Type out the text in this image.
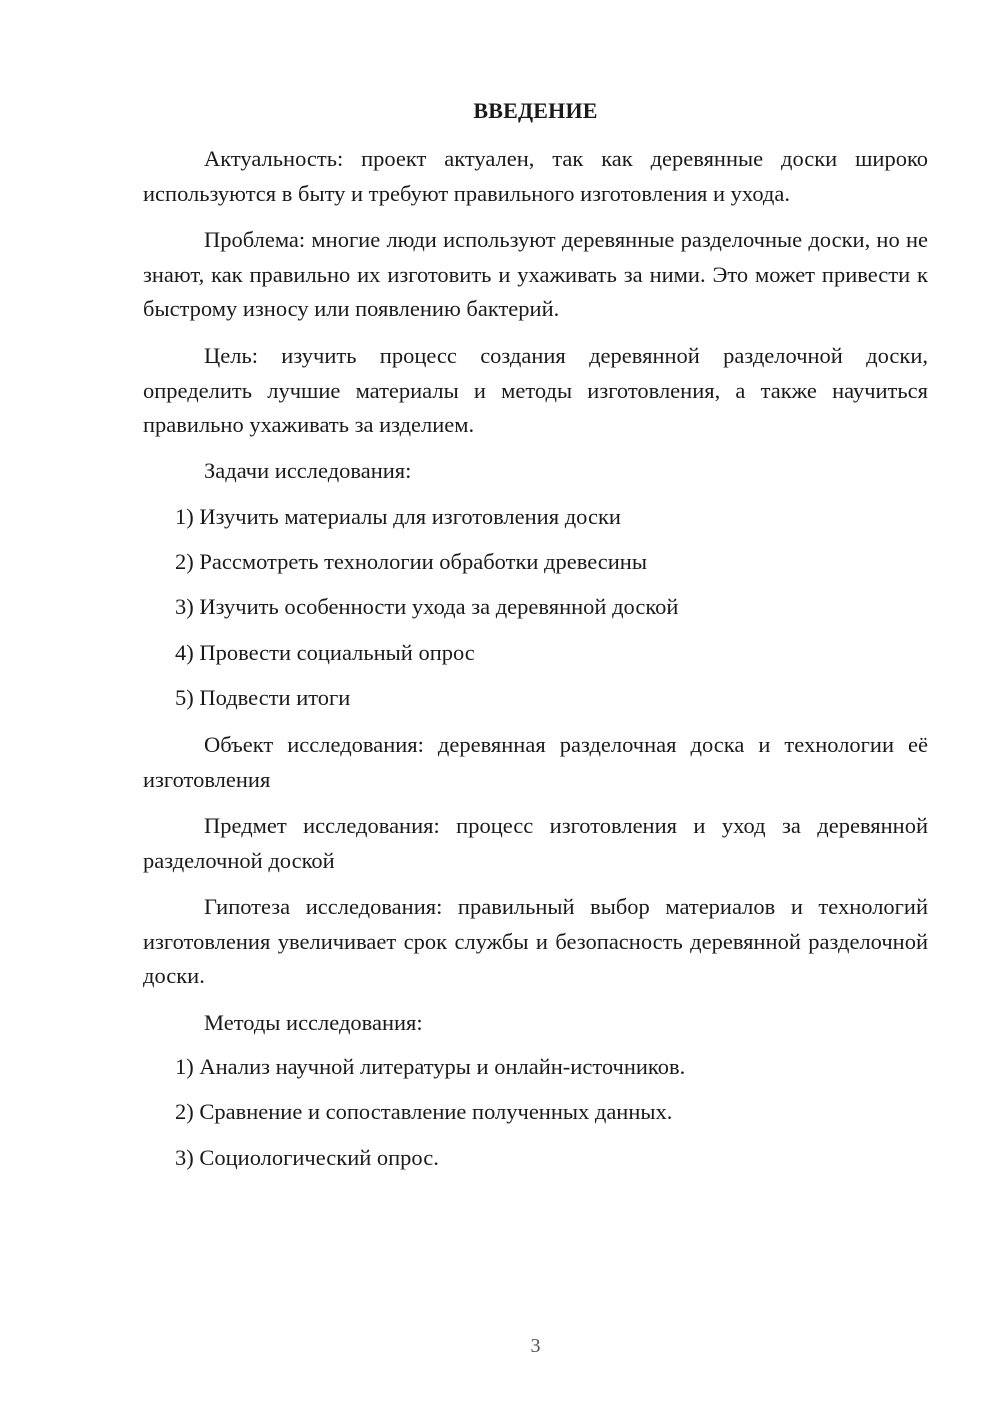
ВВЕДЕНИЕ
Актуальность: проект актуален, так как деревянные доски широко используются в быту и требуют правильного изготовления и ухода.
Проблема: многие люди используют деревянные разделочные доски, но не знают, как правильно их изготовить и ухаживать за ними. Это может привести к быстрому износу или появлению бактерий.
Цель: изучить процесс создания деревянной разделочной доски, определить лучшие материалы и методы изготовления, а также научиться правильно ухаживать за изделием.
Задачи исследования:
1) Изучить материалы для изготовления доски
2) Рассмотреть технологии обработки древесины
3) Изучить особенности ухода за деревянной доской
4) Провести социальный опрос
5) Подвести итоги
Объект исследования: деревянная разделочная доска и технологии её изготовления
Предмет исследования: процесс изготовления и уход за деревянной разделочной доской
Гипотеза исследования: правильный выбор материалов и технологий изготовления увеличивает срок службы и безопасность деревянной разделочной доски.
Методы исследования:
1) Анализ научной литературы и онлайн-источников.
2) Сравнение и сопоставление полученных данных.
3) Социологический опрос.
3
